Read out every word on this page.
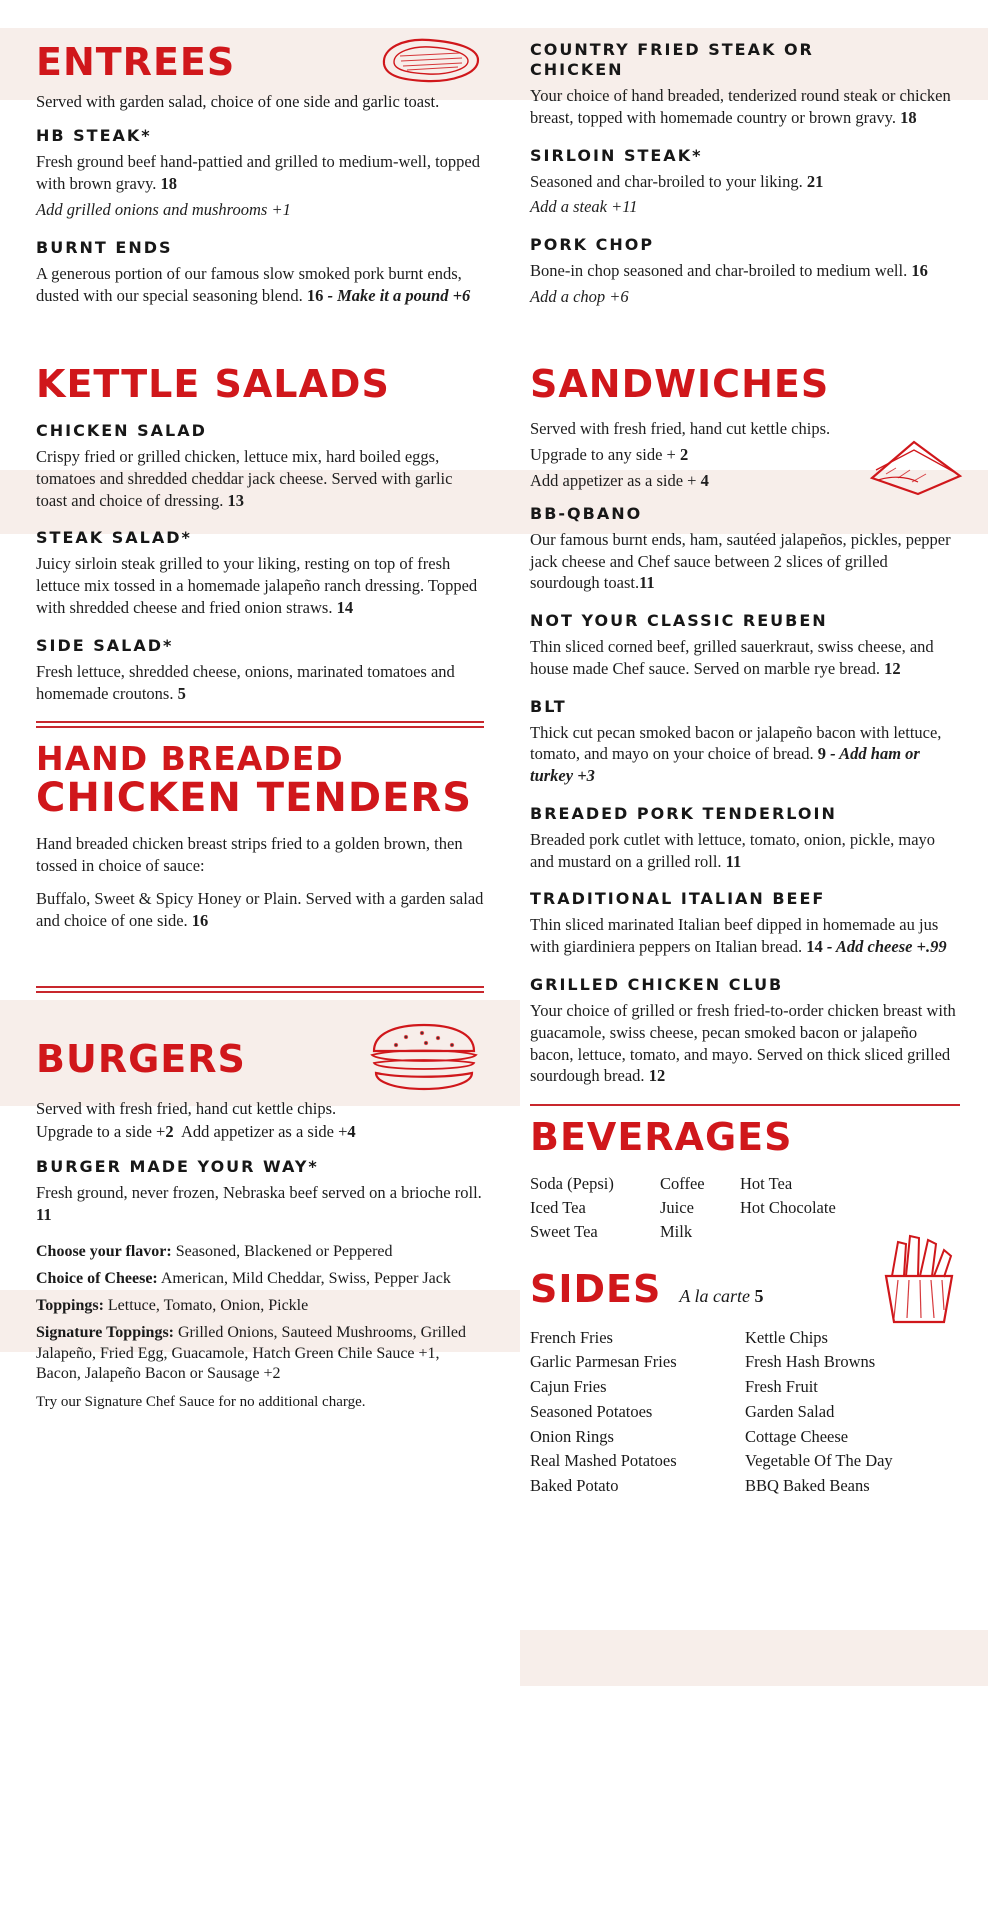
ENTREES

Served with garden salad, choice of one side and garlic toast.

HB STEAK*

Fresh ground beef hand-pattied and grilled to medium-well, topped with brown gravy. 18

Add grilled onions and mushrooms +1

BURNT ENDS

A generous portion of our famous slow smoked pork burnt ends, dusted with our special seasoning blend. 16 - Make it a pound +6

KETTLE SALADS
CHICKEN SALAD

Crispy fried or grilled chicken, lettuce mix, hard boiled eggs, tomatoes and shredded cheddar jack cheese. Served with garlic toast and choice of dressing. 13

STEAK SALAD*

Juicy sirloin steak grilled to your liking, resting on top of fresh lettuce mix tossed in a homemade jalapeño ranch dressing. Topped with shredded cheese and fried onion straws. 14

SIDE SALAD*

Fresh lettuce, shredded cheese, onions, marinated tomatoes and homemade croutons. 5

HAND BREADED
CHICKEN TENDERS

Hand breaded chicken breast strips fried to a golden brown, then tossed in choice of sauce:

Buffalo, Sweet & Spicy Honey or Plain. Served with a garden salad and choice of one side. 16

BURGERS

Served with fresh fried, hand cut kettle chips.

Upgrade to a side +2 Add appetizer as a side +4

BURGER MADE YOUR WAY*

Fresh ground, never frozen, Nebraska beef served on a brioche roll. 11

Choose your flavor: Seasoned, Blackened or Peppered

Choice of Cheese: American, Mild Cheddar, Swiss, Pepper Jack

Toppings: Lettuce, Tomato, Onion, Pickle

Signature Toppings: Grilled Onions, Sauteed Mushrooms, Grilled Jalapeño, Fried Egg, Guacamole, Hatch Green Chile Sauce +1, Bacon, Jalapeño Bacon or Sausage +2

Try our Signature Chef Sauce for no additional charge.

COUNTRY FRIED STEAK OR CHICKEN

Your choice of hand breaded, tenderized round steak or chicken breast, topped with homemade country or brown gravy. 18

SIRLOIN STEAK*

Seasoned and char-broiled to your liking. 21

Add a steak +11

PORK CHOP

Bone-in chop seasoned and char-broiled to medium well. 16

Add a chop +6

SANDWICHES

Served with fresh fried, hand cut kettle chips.

Upgrade to any side + 2

Add appetizer as a side + 4

BB-QBANO

Our famous burnt ends, ham, sautéed jalapeños, pickles, pepper jack cheese and Chef sauce between 2 slices of grilled sourdough toast.11

NOT YOUR CLASSIC REUBEN

Thin sliced corned beef, grilled sauerkraut, swiss cheese, and house made Chef sauce. Served on marble rye bread. 12

BLT

Thick cut pecan smoked bacon or jalapeño bacon with lettuce, tomato, and mayo on your choice of bread. 9 - Add ham or turkey +3

BREADED PORK TENDERLOIN

Breaded pork cutlet with lettuce, tomato, onion, pickle, mayo and mustard on a grilled roll. 11

TRADITIONAL ITALIAN BEEF

Thin sliced marinated Italian beef dipped in homemade au jus with giardiniera peppers on Italian bread. 14 - Add cheese +.99

GRILLED CHICKEN CLUB

Your choice of grilled or fresh fried-to-order chicken breast with guacamole, swiss cheese, pecan smoked bacon or jalapeño bacon, lettuce, tomato, and mayo. Served on thick sliced grilled sourdough bread. 12

BEVERAGES
Soda (Pepsi)
Iced Tea
Sweet Tea
Coffee
Juice
Milk
Hot Tea
Hot Chocolate
SIDES A la carte 5
French Fries
Garlic Parmesan Fries
Cajun Fries
Seasoned Potatoes
Onion Rings
Real Mashed Potatoes
Baked Potato
Kettle Chips
Fresh Hash Browns
Fresh Fruit
Garden Salad
Cottage Cheese
Vegetable Of The Day
BBQ Baked Beans
